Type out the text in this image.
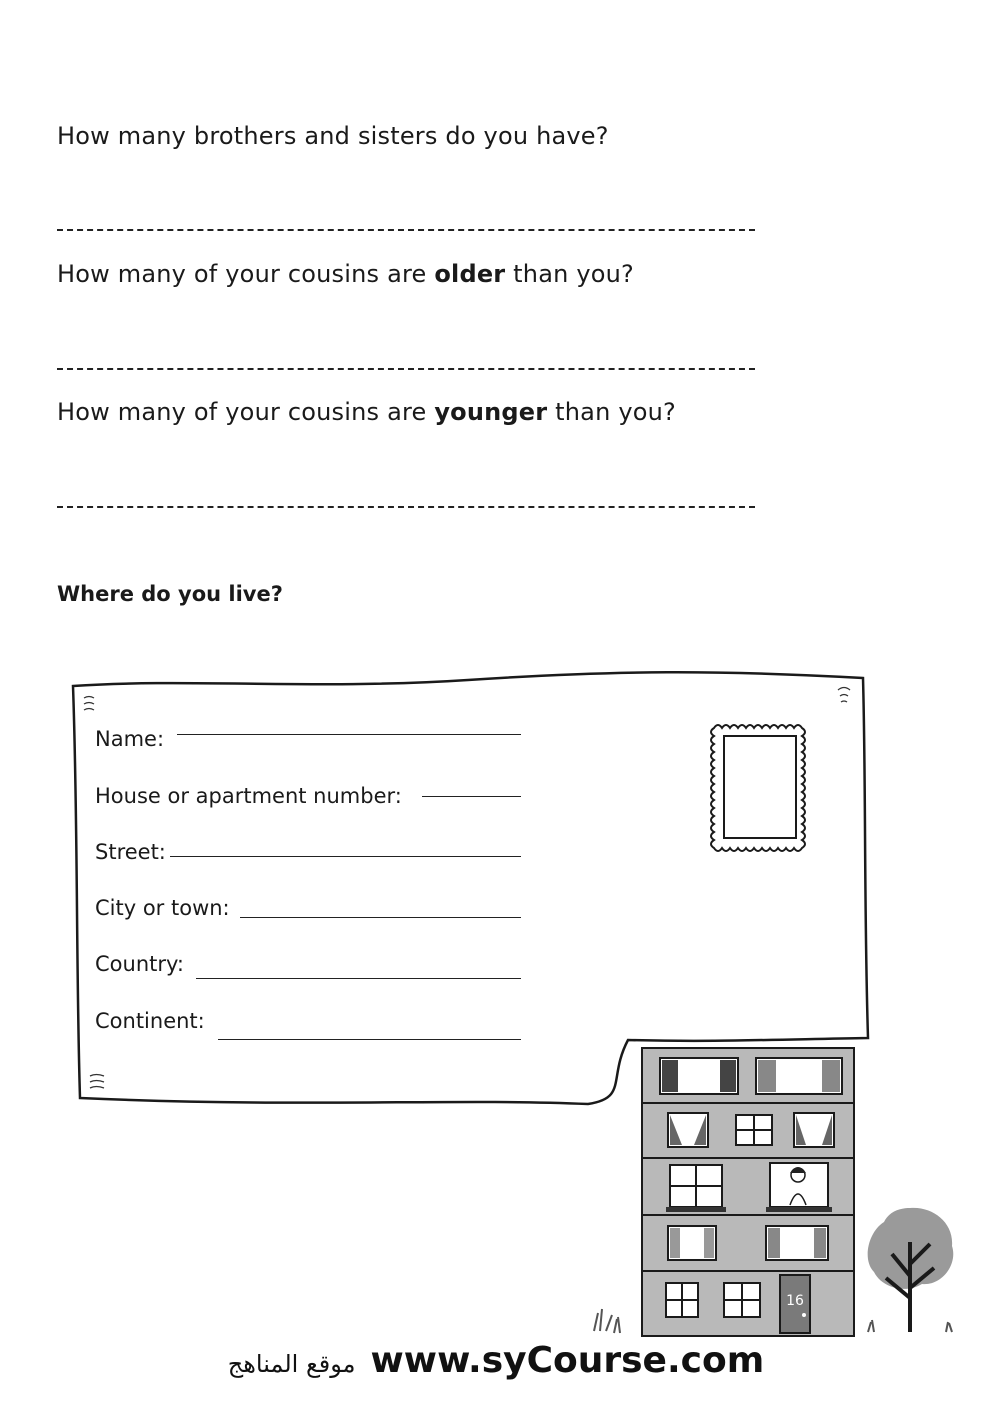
How many brothers and sisters do you have?
How many of your cousins are older than you?
How many of your cousins are younger than you?
Where do you live?
Name:
House or apartment number:
Street:
City or town:
Country:
Continent:
16
موقع المناهج www.syCourse.com
